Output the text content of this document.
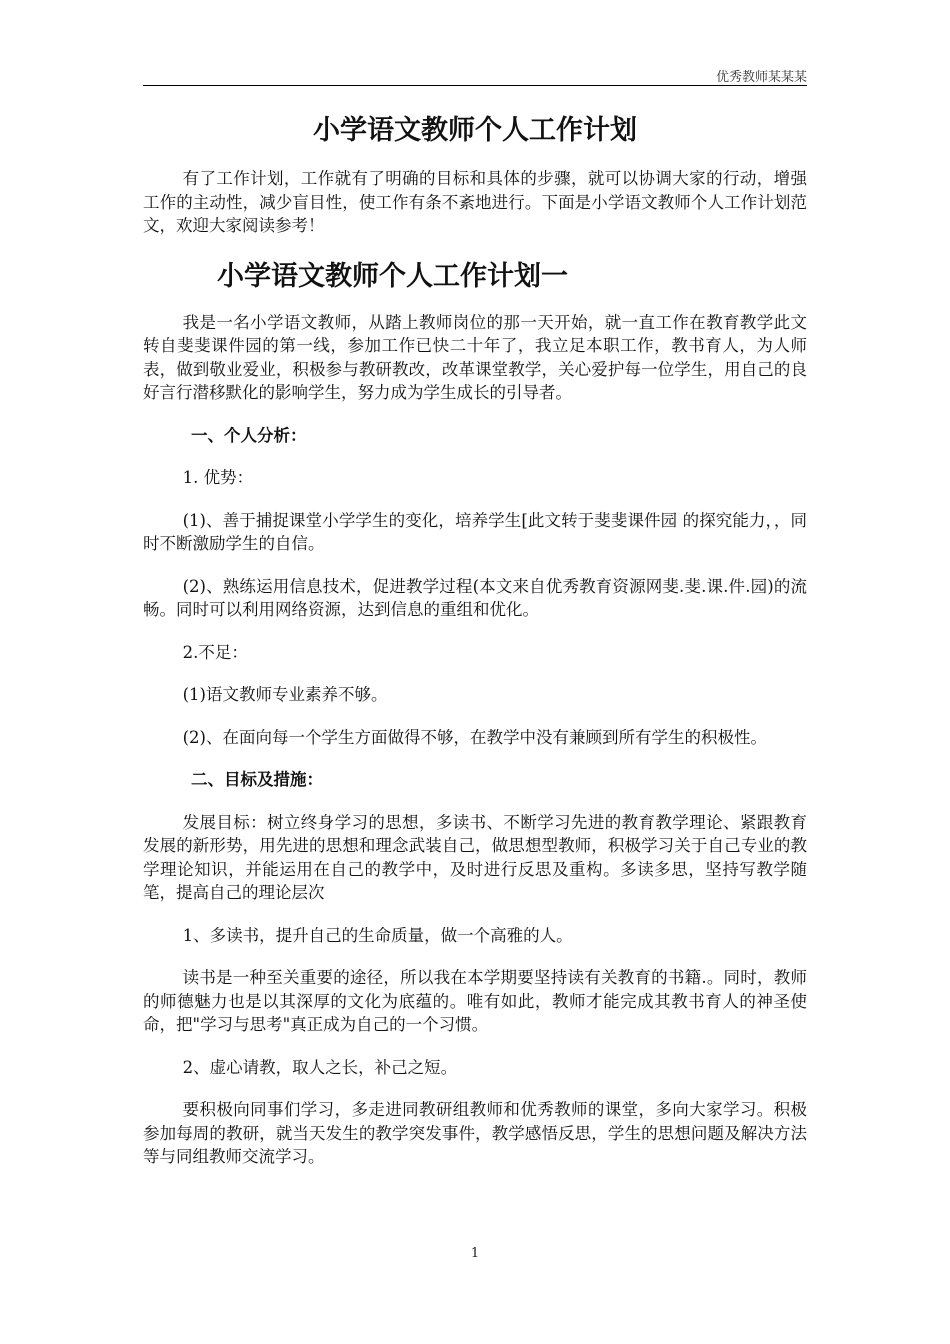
优秀教师某某某
小学语文教师个人工作计划

有了工作计划，工作就有了明确的目标和具体的步骤，就可以协调大家的行动，增强工作的主动性，减少盲目性，使工作有条不紊地进行。下面是小学语文教师个人工作计划范文，欢迎大家阅读参考！

小学语文教师个人工作计划一

我是一名小学语文教师，从踏上教师岗位的那一天开始，就一直工作在教育教学此文转自斐斐课件园的第一线，参加工作已快二十年了，我立足本职工作，教书育人，为人师表，做到敬业爱业，积极参与教研教改，改革课堂教学，关心爱护每一位学生，用自己的良好言行潜移默化的影响学生，努力成为学生成长的引导者。

一、个人分析：

1. 优势：

(1)、善于捕捉课堂小学学生的变化，培养学生[此文转于斐斐课件园 的探究能力，，同时不断激励学生的自信。

(2)、熟练运用信息技术，促进教学过程(本文来自优秀教育资源网斐.斐.课.件.园)的流畅。同时可以利用网络资源，达到信息的重组和优化。

2.不足：

(1)语文教师专业素养不够。

(2)、在面向每一个学生方面做得不够，在教学中没有兼顾到所有学生的积极性。

二、目标及措施：

发展目标：树立终身学习的思想，多读书、不断学习先进的教育教学理论、紧跟教育发展的新形势，用先进的思想和理念武装自己，做思想型教师，积极学习关于自己专业的教学理论知识，并能运用在自己的教学中，及时进行反思及重构。多读多思，坚持写教学随笔，提高自己的理论层次

1、多读书，提升自己的生命质量，做一个高雅的人。

读书是一种至关重要的途径，所以我在本学期要坚持读有关教育的书籍.。同时，教师的师德魅力也是以其深厚的文化为底蕴的。唯有如此，教师才能完成其教书育人的神圣使命，把"学习与思考"真正成为自己的一个习惯。

2、虚心请教，取人之长，补己之短。

要积极向同事们学习，多走进同教研组教师和优秀教师的课堂，多向大家学习。积极参加每周的教研，就当天发生的教学突发事件，教学感悟反思，学生的思想问题及解决方法等与同组教师交流学习。

1
